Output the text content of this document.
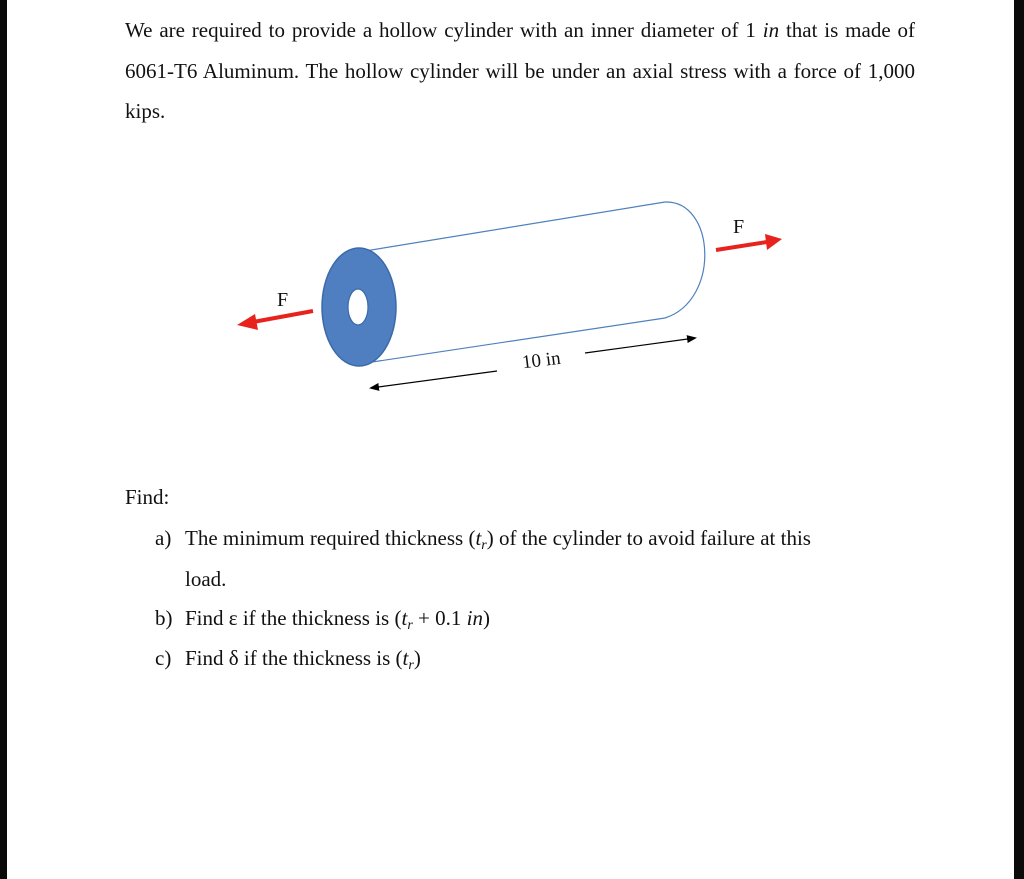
We are required to provide a hollow cylinder with an inner diameter of 1 in that is made of 6061-T6 Aluminum. The hollow cylinder will be under an axial stress with a force of 1,000 kips.

F
F
10 in
Find:
a) The minimum required thickness $(t_r)$ of the cylinder to avoid failure at this
load.
b) Find ε if the thickness is ($t_r + 0.1$ in)
c) Find δ if the thickness is $(t_r)$
